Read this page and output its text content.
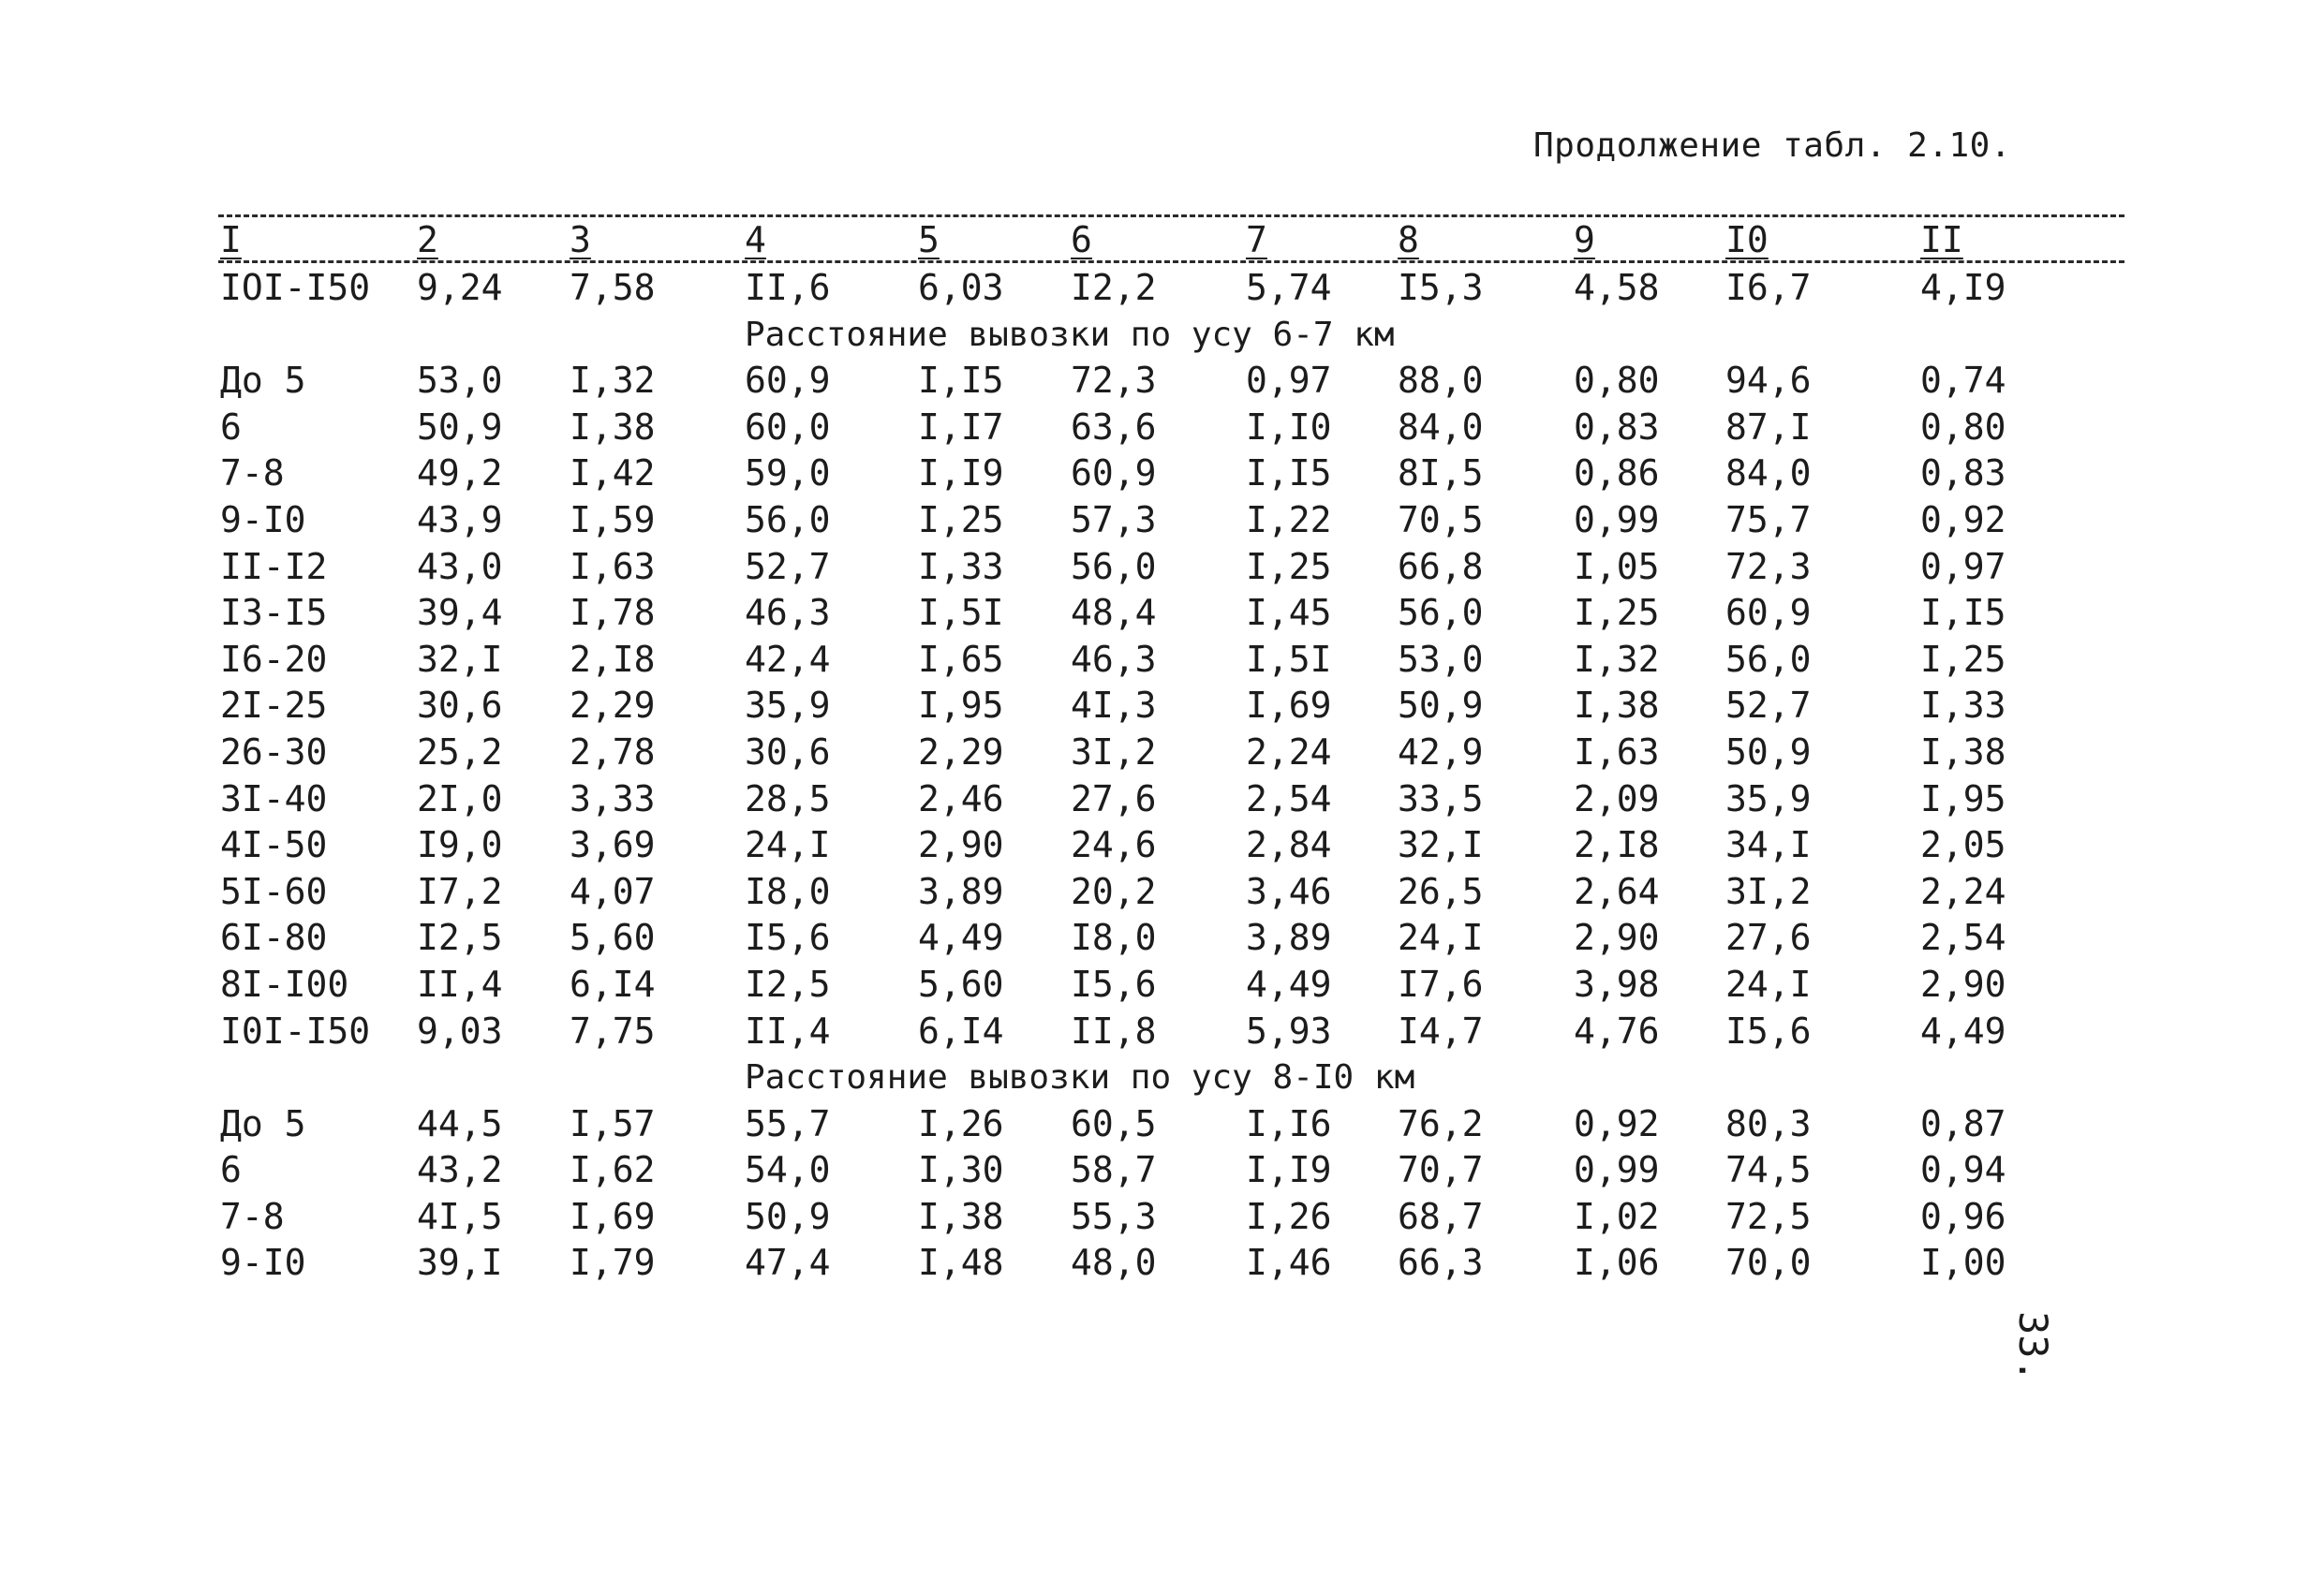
Продолжение табл. 2.10.
I	2	3	4	5	6	7	8	9	I0	II
IOI-I50 9,24 7,58	II,6 6,03 I2,2	5,74 I5,3	4,58 I6,7	4,I9
Расстояние вывозки по усу 6-7 км
До 5	53,0 I,32	60,9 I,I5 72,3	0,97 88,0	0,80 94,6	0,74
6	50,9 I,38	60,0 I,I7 63,6	I,I0 84,0	0,83 87,I	0,80
7-8	49,2 I,42	59,0 I,I9 60,9	I,I5 8I,5	0,86 84,0	0,83
9-I0	43,9 I,59	56,0 I,25 57,3	I,22 70,5	0,99 75,7	0,92
II-I2	43,0 I,63	52,7 I,33 56,0	I,25 66,8	I,05 72,3	0,97
I3-I5	39,4 I,78	46,3 I,5I 48,4	I,45 56,0	I,25 60,9	I,I5
I6-20	32,I 2,I8	42,4 I,65 46,3	I,5I 53,0	I,32 56,0	I,25
2I-25	30,6 2,29	35,9 I,95 4I,3	I,69 50,9	I,38 52,7	I,33
26-30	25,2 2,78	30,6 2,29 3I,2	2,24 42,9	I,63 50,9	I,38
3I-40	2I,0 3,33	28,5 2,46 27,6	2,54 33,5	2,09 35,9	I,95
4I-50	I9,0 3,69	24,I 2,90 24,6	2,84 32,I	2,I8 34,I	2,05
5I-60	I7,2 4,07	I8,0 3,89 20,2	3,46 26,5	2,64 3I,2	2,24
6I-80	I2,5 5,60	I5,6 4,49 I8,0	3,89 24,I	2,90 27,6	2,54
8I-I00 II,4 6,I4	I2,5 5,60 I5,6	4,49 I7,6	3,98 24,I	2,90
I0I-I50 9,03 7,75	II,4 6,I4 II,8	5,93 I4,7	4,76 I5,6	4,49
Расстояние вывозки по усу 8-I0 км
До 5	44,5 I,57	55,7 I,26 60,5	I,I6 76,2	0,92 80,3	0,87
6	43,2 I,62	54,0 I,30 58,7	I,I9 70,7	0,99 74,5	0,94
7-8	4I,5 I,69	50,9 I,38 55,3	I,26 68,7	I,02 72,5	0,96
9-I0	39,I I,79	47,4 I,48 48,0	I,46 66,3	I,06 70,0	I,00
33.
